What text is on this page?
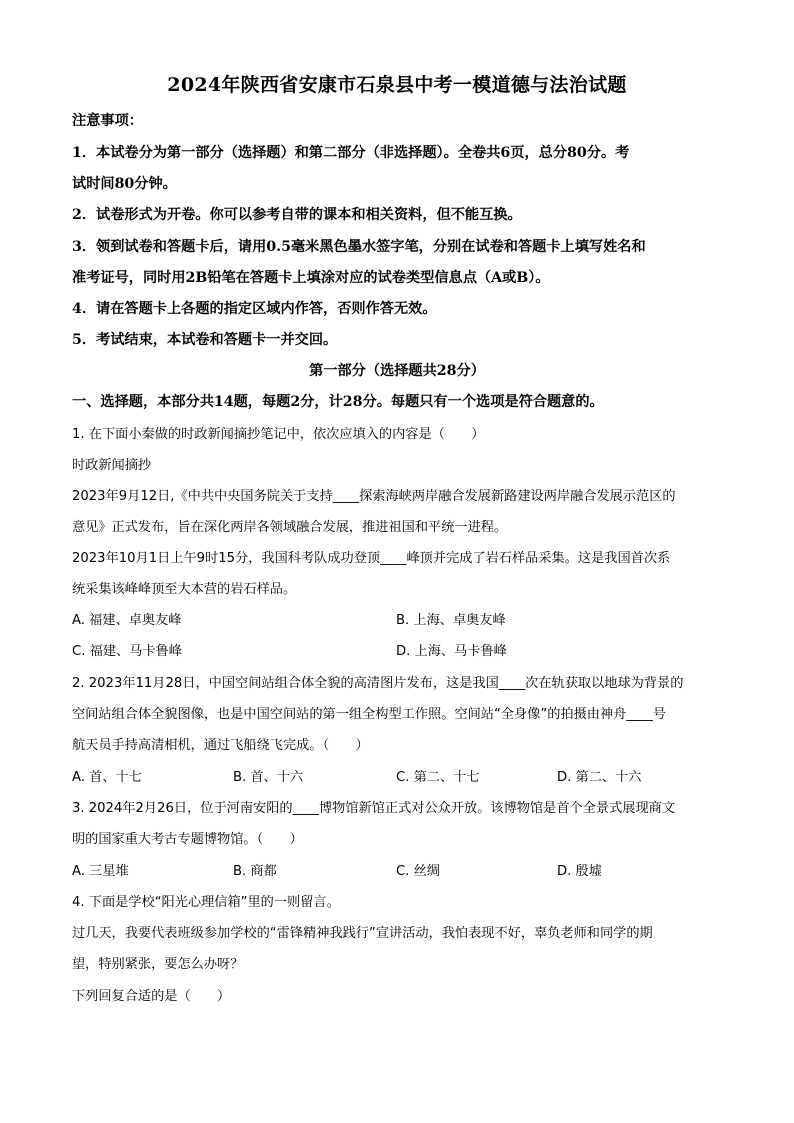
2024年陕西省安康市石泉县中考一模道德与法治试题
注意事项：
1．本试卷分为第一部分（选择题）和第二部分（非选择题）。全卷共6页，总分80分。考
试时间80分钟。
2．试卷形式为开卷。你可以参考自带的课本和相关资料，但不能互换。
3．领到试卷和答题卡后，请用0.5毫米黑色墨水签字笔，分别在试卷和答题卡上填写姓名和
准考证号，同时用2B铅笔在答题卡上填涂对应的试卷类型信息点（A或B）。
4．请在答题卡上各题的指定区域内作答，否则作答无效。
5．考试结束，本试卷和答题卡一并交回。
第一部分（选择题共28分）
一、选择题，本部分共14题，每题2分，计28分。每题只有一个选项是符合题意的。
1. 在下面小秦做的时政新闻摘抄笔记中，依次应填入的内容是（　　）
时政新闻摘抄
2023年9月12日,《中共中央国务院关于支持____探索海峡两岸融合发展新路建设两岸融合发展示范区的
意见》正式发布，旨在深化两岸各领域融合发展，推进祖国和平统一进程。
2023年10月1日上午9时15分，我国科考队成功登顶____峰顶并完成了岩石样品采集。这是我国首次系
统采集该峰峰顶至大本营的岩石样品。
A. 福建、卓奥友峰	B. 上海、卓奥友峰
C. 福建、马卡鲁峰	D. 上海、马卡鲁峰
2. 2023年11月28日，中国空间站组合体全貌的高清图片发布，这是我国____次在轨获取以地球为背景的
空间站组合体全貌图像，也是中国空间站的第一组全构型工作照。空间站“全身像”的拍摄由神舟____号
航天员手持高清相机，通过飞船绕飞完成。（　　）
A. 首、十七	B. 首、十六	C. 第二、十七	D. 第二、十六
3. 2024年2月26日，位于河南安阳的____博物馆新馆正式对公众开放。该博物馆是首个全景式展现商文
明的国家重大考古专题博物馆。（　　）
A. 三星堆	B. 商都	C. 丝绸	D. 殷墟
4. 下面是学校“阳光心理信箱”里的一则留言。
过几天，我要代表班级参加学校的“雷锋精神我践行”宣讲活动，我怕表现不好，辜负老师和同学的期
望，特别紧张，要怎么办呀？
下列回复合适的是（　　）
